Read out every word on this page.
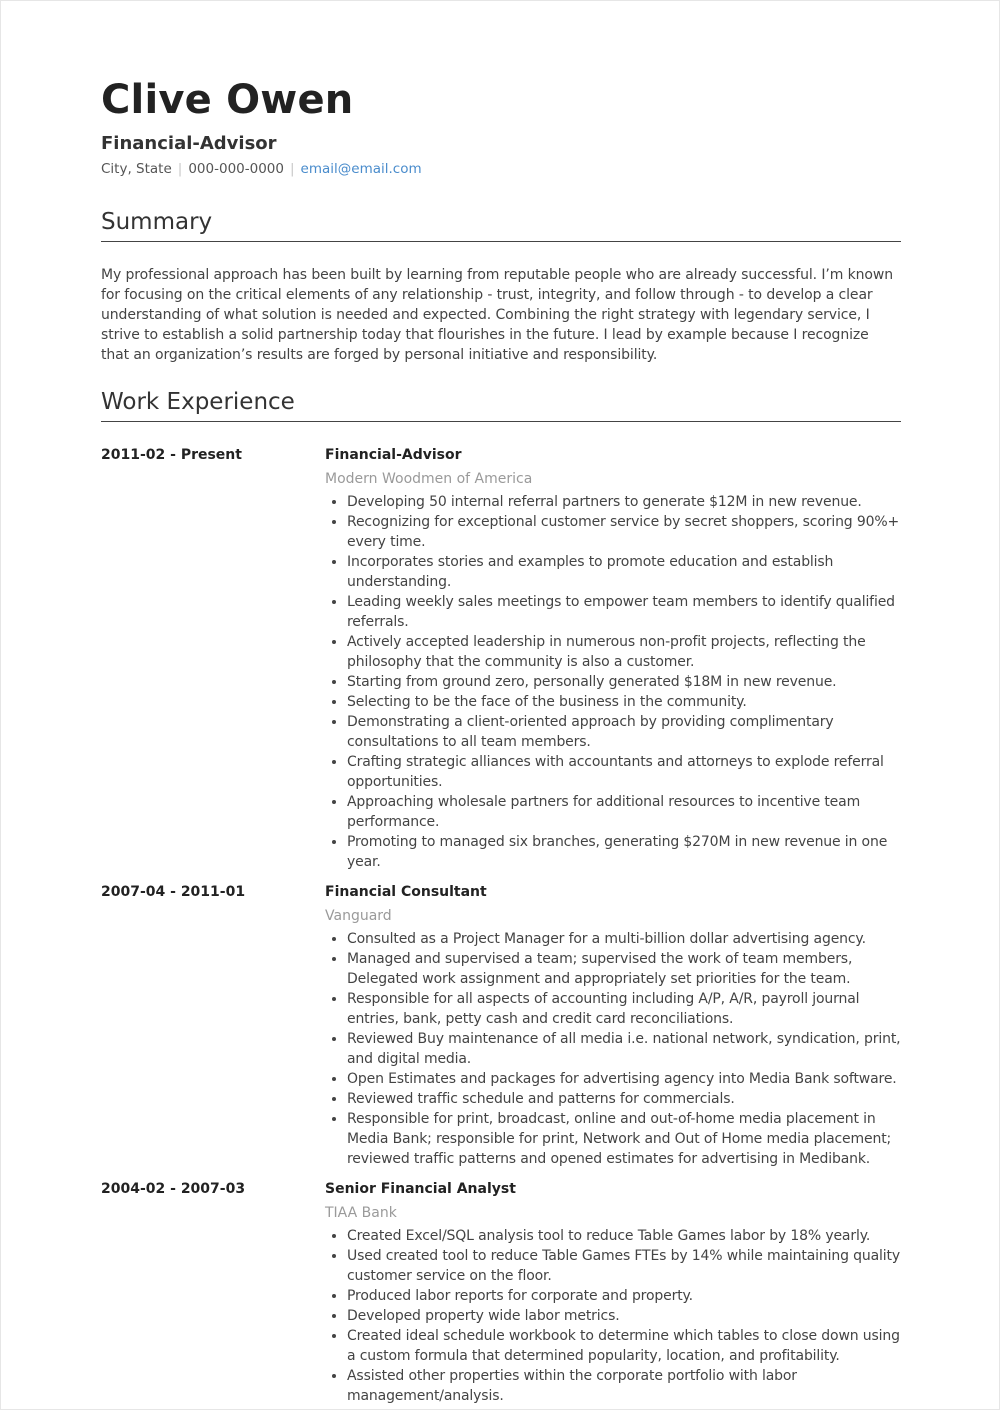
Clive Owen
Financial-Advisor
City, State | 000-000-0000 | email@email.com
Summary

My professional approach has been built by learning from reputable people who are already successful. I’m known for focusing on the critical elements of any relationship - trust, integrity, and follow through - to develop a clear understanding of what solution is needed and expected. Combining the right strategy with legendary service, I strive to establish a solid partnership today that flourishes in the future. I lead by example because I recognize that an organization’s results are forged by personal initiative and responsibility.

Work Experience
2011-02 - Present	Financial-Advisor
Modern Woodmen of America
• Developing 50 internal referral partners to generate $12M in new revenue.
• Recognizing for exceptional customer service by secret shoppers, scoring 90%+ every time.
• Incorporates stories and examples to promote education and establish understanding.
• Leading weekly sales meetings to empower team members to identify qualified referrals.
• Actively accepted leadership in numerous non-profit projects, reflecting the philosophy that the community is also a customer.
• Starting from ground zero, personally generated $18M in new revenue.
• Selecting to be the face of the business in the community.
• Demonstrating a client-oriented approach by providing complimentary consultations to all team members.
• Crafting strategic alliances with accountants and attorneys to explode referral opportunities.
• Approaching wholesale partners for additional resources to incentive team performance.
• Promoting to managed six branches, generating $270M in new revenue in one year.
2007-04 - 2011-01	Financial Consultant
Vanguard
• Consulted as a Project Manager for a multi-billion dollar advertising agency.
• Managed and supervised a team; supervised the work of team members, Delegated work assignment and appropriately set priorities for the team.
• Responsible for all aspects of accounting including A/P, A/R, payroll journal entries, bank, petty cash and credit card reconciliations.
• Reviewed Buy maintenance of all media i.e. national network, syndication, print, and digital media.
• Open Estimates and packages for advertising agency into Media Bank software.
• Reviewed traffic schedule and patterns for commercials.
• Responsible for print, broadcast, online and out-of-home media placement in Media Bank; responsible for print, Network and Out of Home media placement; reviewed traffic patterns and opened estimates for advertising in Medibank.
2004-02 - 2007-03	Senior Financial Analyst
TIAA Bank
• Created Excel/SQL analysis tool to reduce Table Games labor by 18% yearly.
• Used created tool to reduce Table Games FTEs by 14% while maintaining quality customer service on the floor.
• Produced labor reports for corporate and property.
• Developed property wide labor metrics.
• Created ideal schedule workbook to determine which tables to close down using a custom formula that determined popularity, location, and profitability.
• Assisted other properties within the corporate portfolio with labor management/analysis.
